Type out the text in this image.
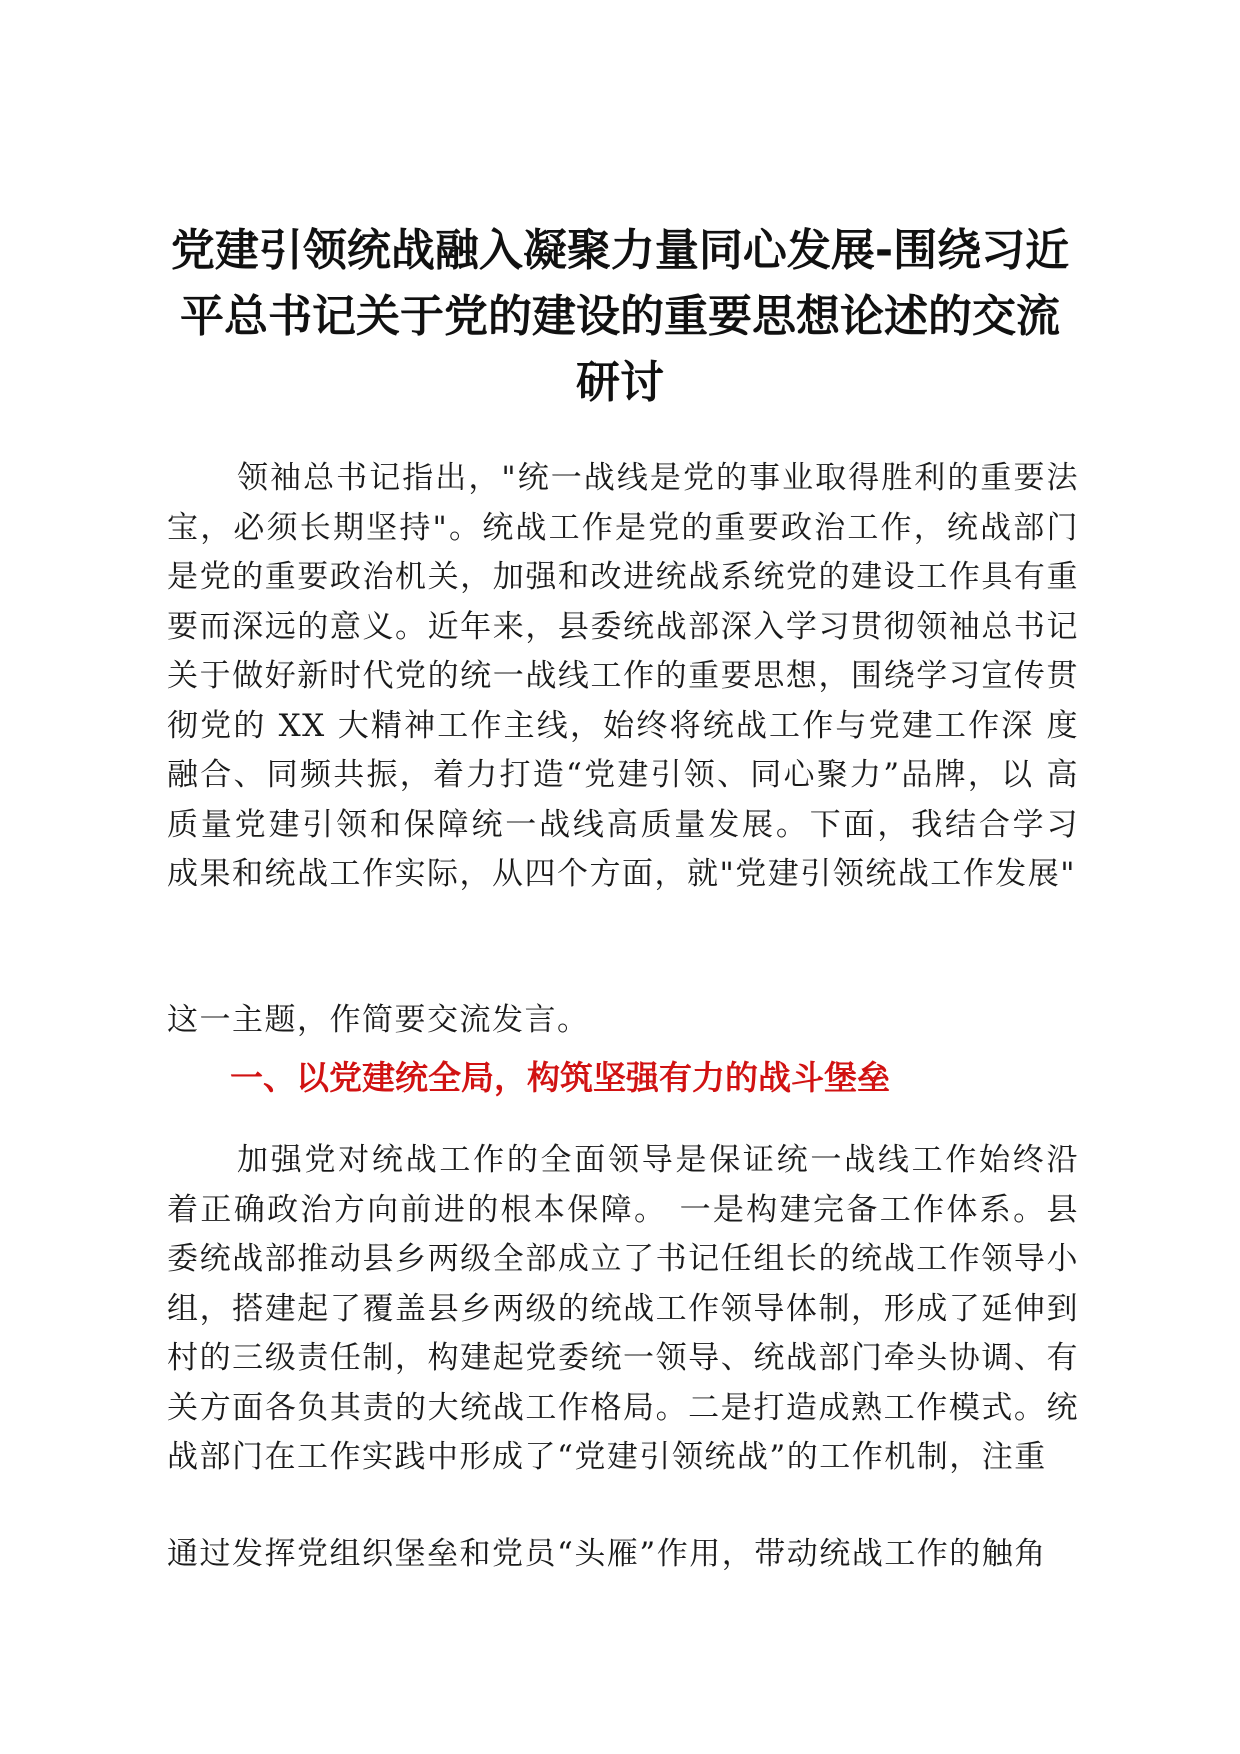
党建引领统战融入凝聚力量同心发展-围绕习近平总书记关于党的建设的重要思想论述的交流研讨

领袖总书记指出，"统一战线是党的事业取得胜利的重要法宝，必须长期坚持"。统战工作是党的重要政治工作，统战部门是党的重要政治机关，加强和改进统战系统党的建设工作具有重要而深远的意义。近年来，县委统战部深入学习贯彻领袖总书记关于做好新时代党的统一战线工作的重要思想，围绕学习宣传贯彻党的 XX 大精神工作主线，始终将统战工作与党建工作深 度融合、同频共振，着力打造“党建引领、同心聚力”品牌，以 高质量党建引领和保障统一战线高质量发展。下面，我结合学习 成果和统战工作实际，从四个方面，就"党建引领统战工作发展"

这一主题，作简要交流发言。

一、以党建统全局，构筑坚强有力的战斗堡垒

加强党对统战工作的全面领导是保证统一战线工作始终沿着正确政治方向前进的根本保障。 一是构建完备工作体系。县委统战部推动县乡两级全部成立了书记任组长的统战工作领导小组，搭建起了覆盖县乡两级的统战工作领导体制，形成了延伸到 村的三级责任制，构建起党委统一领导、统战部门牵头协调、有 关方面各负其责的大统战工作格局。二是打造成熟工作模式。统 战部门在工作实践中形成了“党建引领统战”的工作机制，注重

通过发挥党组织堡垒和党员“头雁”作用，带动统战工作的触角
